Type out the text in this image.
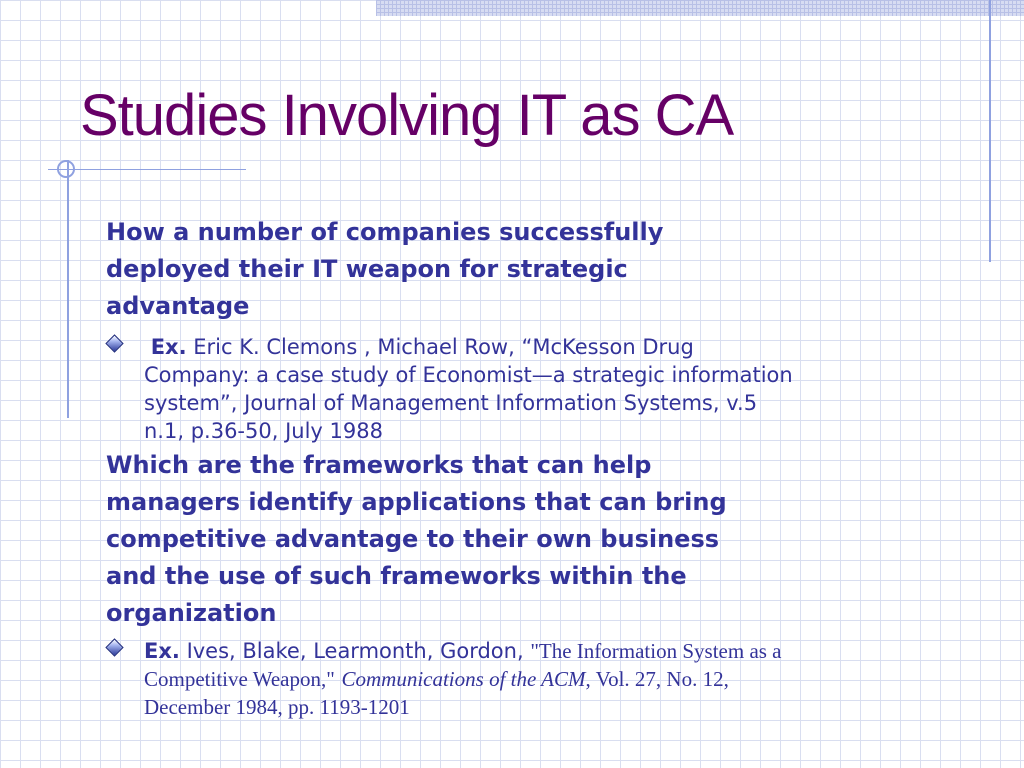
Studies Involving IT as CA
How a number of companies successfully
deployed their IT weapon for strategic
advantage
Ex. Eric K. Clemons , Michael Row, “McKesson Drug
Company: a case study of Economist—a strategic information
system”, Journal of Management Information Systems, v.5
n.1, p.36-50, July 1988
Which are the frameworks that can help
managers identify applications that can bring
competitive advantage to their own business
and the use of such frameworks within the
organization
Ex. Ives, Blake, Learmonth, Gordon, "The Information System as a
Competitive Weapon," Communications of the ACM, Vol. 27, No. 12,
December 1984, pp. 1193-1201
